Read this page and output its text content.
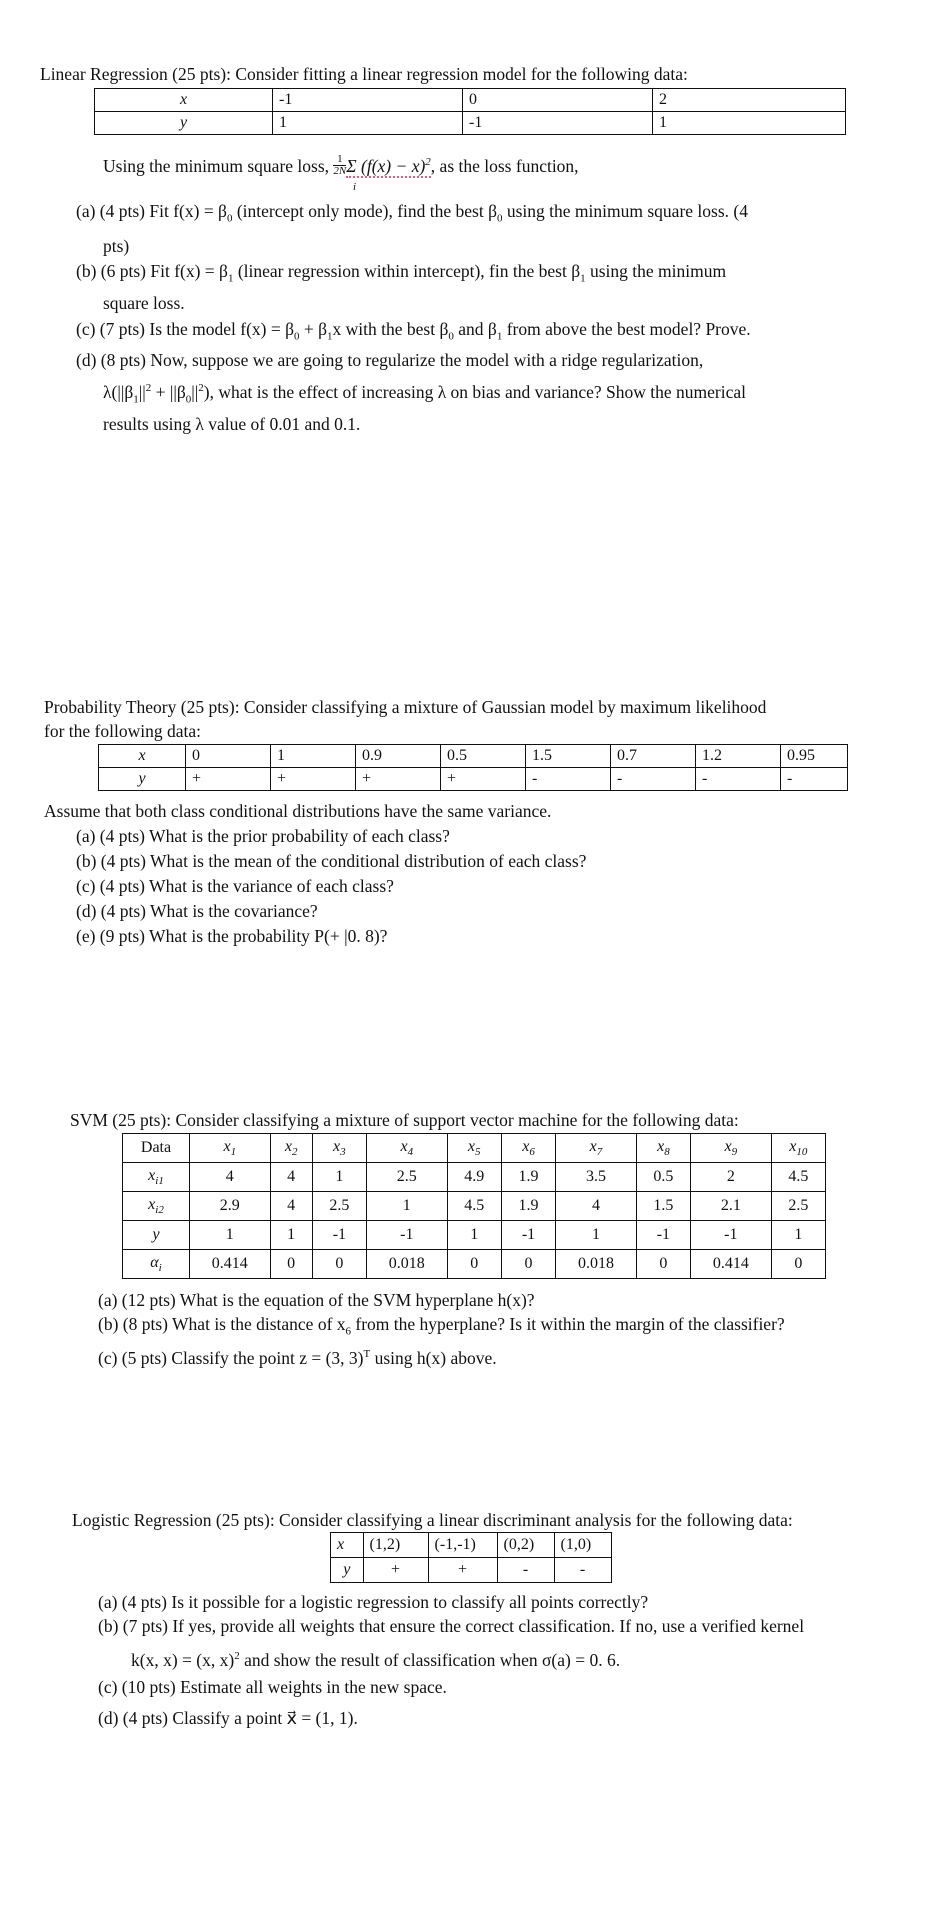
Linear Regression (25 pts): Consider fitting a linear regression model for the following data:
x	-1	0	2
y	1	-1	1
Using the minimum square loss, $\frac{1}{2N}$ Σ $(f(x) - x)^2$, as the loss function,
i
(a) (4 pts) Fit $f(x) = \beta_0$ (intercept only mode), find the best $\beta_0$ using the minimum square loss. (4
pts)
(b) (6 pts) Fit $f(x) = \beta_1$ (linear regression within intercept), fin the best $\beta_1$ using the minimum
square loss.
(c) (7 pts) Is the model $f(x) = \beta_0 + \beta_1x$ with the best $\beta_0$ and $\beta_1$ from above the best model? Prove.
(d) (8 pts) Now, suppose we are going to regularize the model with a ridge regularization,
$\lambda(||\beta_1||^2 + ||\beta_0||^2)$, what is the effect of increasing λ on bias and variance? Show the numerical
results using λ value of 0.01 and 0.1.
Probability Theory (25 pts): Consider classifying a mixture of Gaussian model by maximum likelihood
for the following data:
x	0	1	0.9	0.5	1.5	0.7	1.2	0.95
y	+	+	+	+	-	-	-	-
Assume that both class conditional distributions have the same variance.
(a) (4 pts) What is the prior probability of each class?
(b) (4 pts) What is the mean of the conditional distribution of each class?
(c) (4 pts) What is the variance of each class?
(d) (4 pts) What is the covariance?
(e) (9 pts) What is the probability P(+ |0. 8)?
SVM (25 pts): Consider classifying a mixture of support vector machine for the following data:
Data	$x_1$	$x_2$	$x_3$	$x_4$	$x_5$	$x_6$	$x_7$	$x_8$	$x_9$	$x_{10}$
$x_{i1}$	4	4	1	2.5	4.9	1.9	3.5	0.5	2	4.5
$x_{i2}$	2.9	4	2.5	1	4.5	1.9	4	1.5	2.1	2.5
y	1	1	-1	-1	1	-1	1	-1	-1	1
$\alpha_i$	0.414	0	0	0.018	0	0	0.018	0	0.414	0
(a) (12 pts) What is the equation of the SVM hyperplane h(x)?
(b) (8 pts) What is the distance of $x_6$ from the hyperplane? Is it within the margin of the classifier?
(c) (5 pts) Classify the point z = (3, 3)$^T$ using h(x) above.
Logistic Regression (25 pts): Consider classifying a linear discriminant analysis for the following data:
x⃗	(1,2)	(-1,-1)	(0,2)	(1,0)
y	+	+	-	-
(a) (4 pts) Is it possible for a logistic regression to classify all points correctly?
(b) (7 pts) If yes, provide all weights that ensure the correct classification. If no, use a verified kernel
k(x, x) = (x, x)$^2$ and show the result of classification when σ(a) = 0. 6.
(c) (10 pts) Estimate all weights in the new space.
(d) (4 pts) Classify a point x⃗ = (1, 1).
